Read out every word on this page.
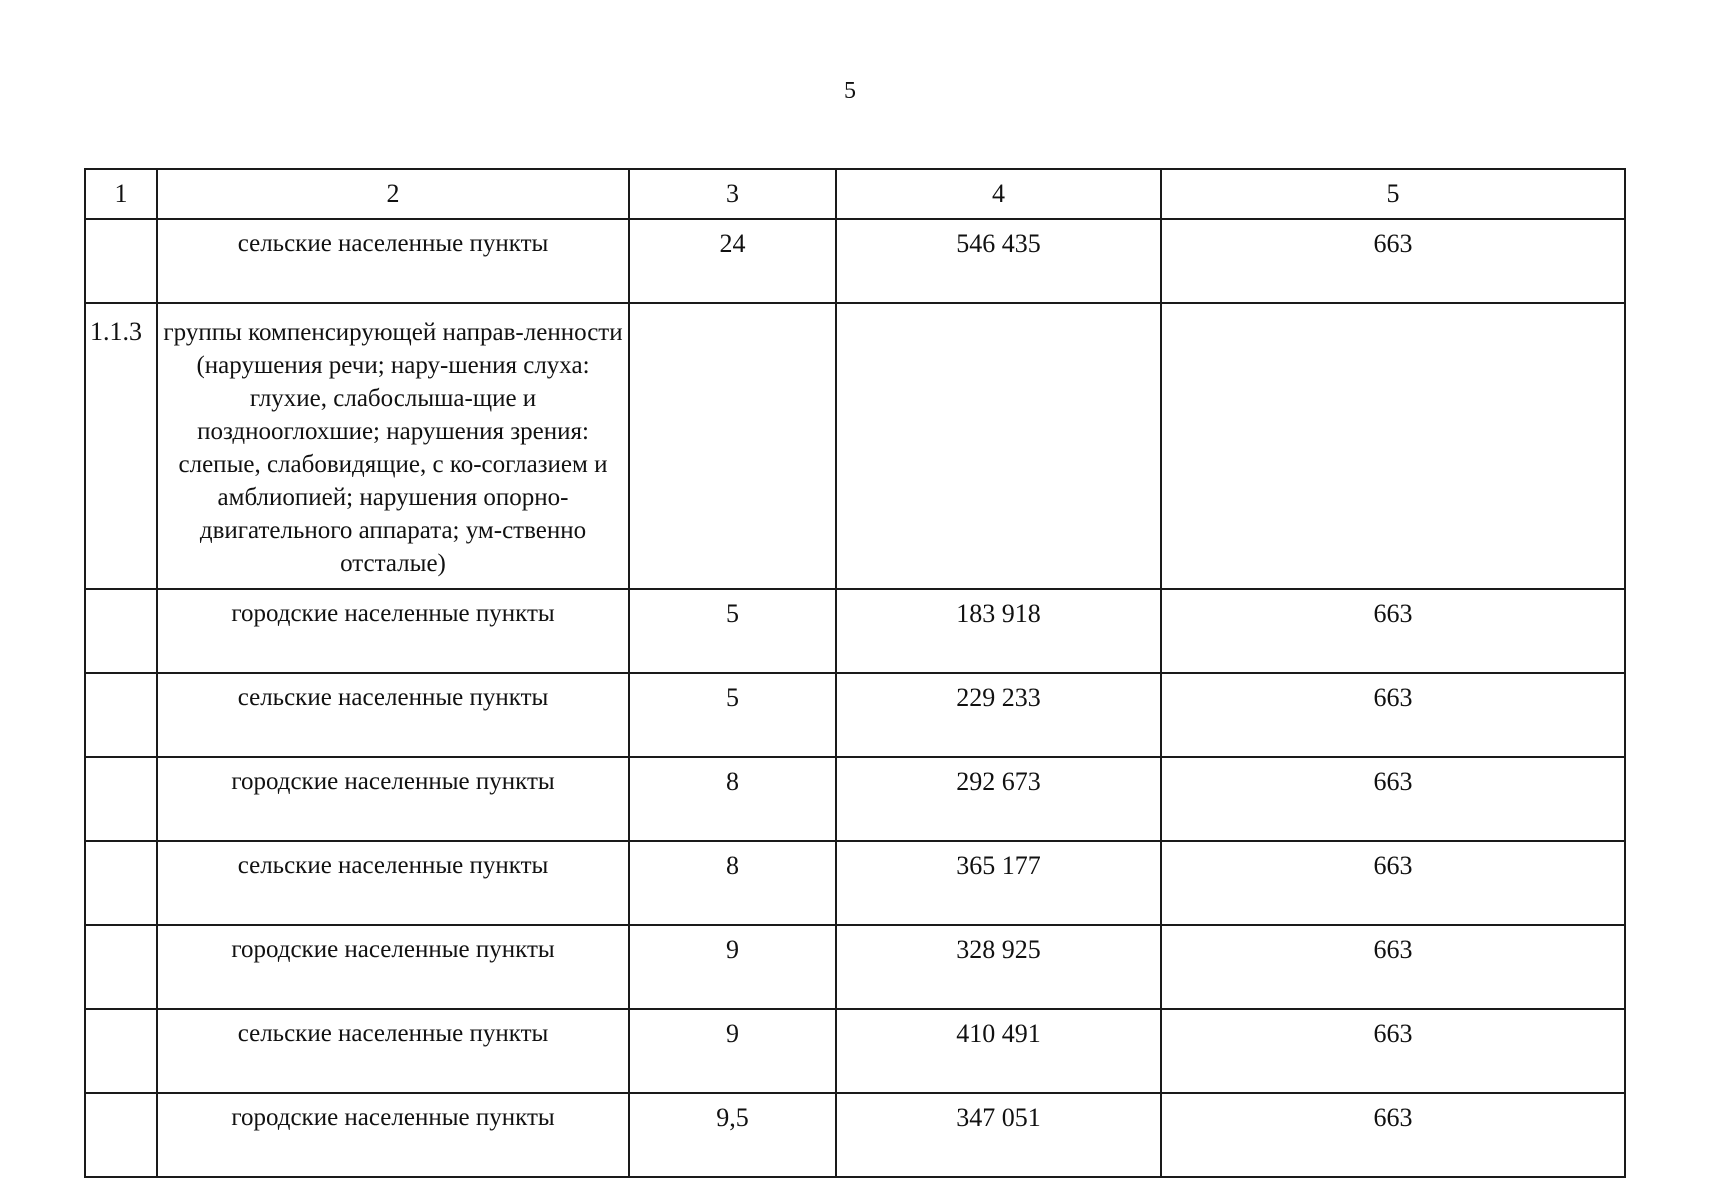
5
1	2	3	4	5
	сельские населенные пункты	24	546 435	663
1.1.3	группы компенсирующей направ-ленности (нарушения речи; нару-шения слуха: глухие, слабослыша-щие и позднооглохшие; нарушения зрения: слепые, слабовидящие, с ко-соглазием и амблиопией; нарушения опорно-двигательного аппарата; ум-ственно отсталые)			
	городские населенные пункты	5	183 918	663
	сельские населенные пункты	5	229 233	663
	городские населенные пункты	8	292 673	663
	сельские населенные пункты	8	365 177	663
	городские населенные пункты	9	328 925	663
	сельские населенные пункты	9	410 491	663
	городские населенные пункты	9,5	347 051	663
